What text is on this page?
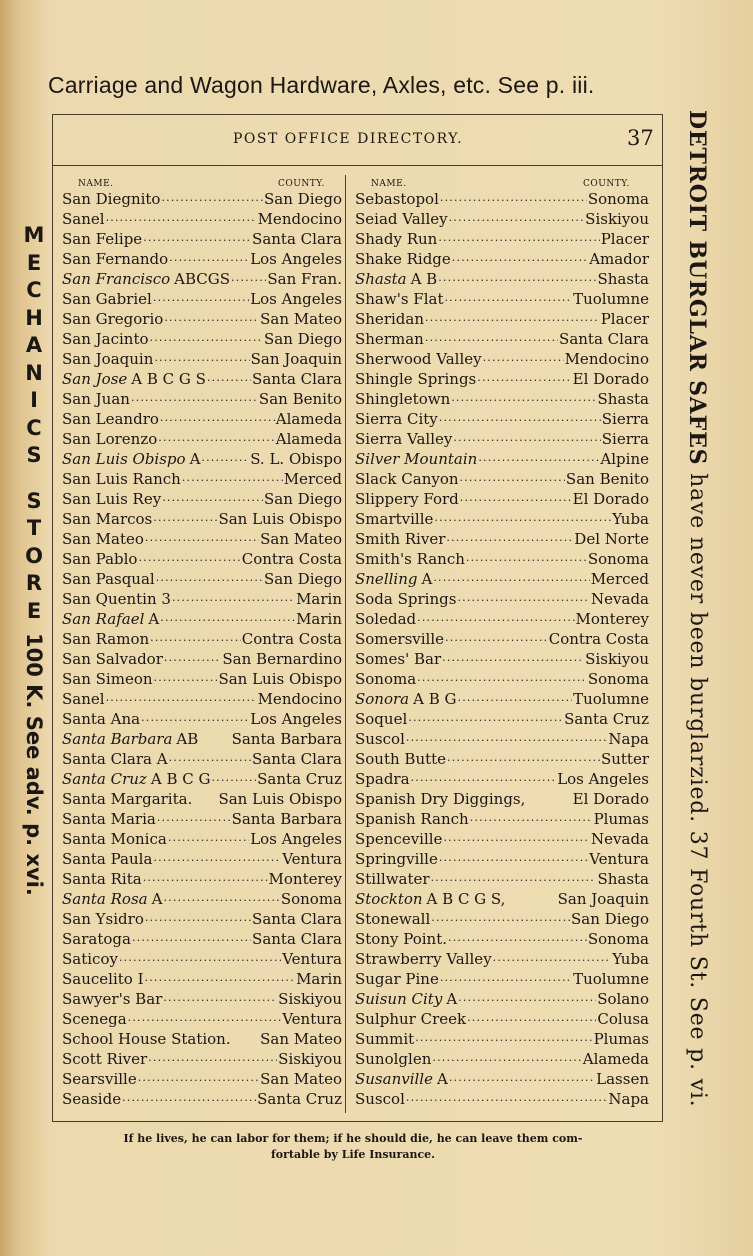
Carriage and Wagon Hardware, Axles, etc. See p. iii.
POST OFFICE DIRECTORY.	37
NAME.	COUNTY.	NAME.	COUNTY.
San Diegnito .....	San Diego
Sanel .....	Mendocino
San Felipe .....	Santa Clara
San Fernando .....	Los Angeles
San Francisco ABCGS ..... San Fran.
San Gabriel .....	Los Angeles
San Gregorio .....	San Mateo
San Jacinto .....	San Diego
San Joaquin .....	San Joaquin
San Jose A B C G S .....	Santa Clara
San Juan .....	San Benito
San Leandro .....	Alameda
San Lorenzo .....	Alameda
San Luis Obispo A .....	S. L. Obispo
San Luis Ranch .....	Merced
San Luis Rey .....	San Diego
San Marcos .....	San Luis Obispo
San Mateo .....	San Mateo
San Pablo .....	Contra Costa
San Pasqual .....	San Diego
San Quentin 3 .....	Marin
San Rafael A .....	Marin
San Ramon .....	Contra Costa
San Salvador .....	San Bernardino
San Simeon .....	San Luis Obispo
Sanel .....	Mendocino
Santa Ana .....	Los Angeles
Santa Barbara AB Santa Barbara
Santa Clara A .....	Santa Clara
Santa Cruz A B C G .....	Santa Cruz
Santa Margarita. San Luis Obispo
Santa Maria .....	Santa Barbara
Santa Monica .....	Los Angeles
Santa Paula .....	Ventura
Santa Rita .....	Monterey
Santa Rosa A .....	Sonoma
San Ysidro .....	Santa Clara
Saratoga .....	Santa Clara
Saticoy .....	Ventura
Saucelito I .....	Marin
Sawyer's Bar .....	Siskiyou
Scenega .....	Ventura
School House Station. San Mateo
Scott River .....	Siskiyou
Searsville .....	San Mateo
Seaside .....	Santa Cruz
Sebastopol .....	Sonoma
Seiad Valley .....	Siskiyou
Shady Run .....	Placer
Shake Ridge .....	Amador
Shasta A B .....	Shasta
Shaw's Flat .....	Tuolumne
Sheridan .....	Placer
Sherman .....	Santa Clara
Sherwood Valley .....	Mendocino
Shingle Springs .....	El Dorado
Shingletown .....	Shasta
Sierra City .....	Sierra
Sierra Valley .....	Sierra
Silver Mountain .....	Alpine
Slack Canyon .....	San Benito
Slippery Ford .....	El Dorado
Smartville .....	Yuba
Smith River .....	Del Norte
Smith's Ranch .....	Sonoma
Snelling A .....	Merced
Soda Springs .....	Nevada
Soledad .....	Monterey
Somersville .....	Contra Costa
Somes' Bar .....	Siskiyou
Sonoma .....	Sonoma
Sonora A B G .....	Tuolumne
Soquel .....	Santa Cruz
Suscol .....	Napa
South Butte .....	Sutter
Spadra .....	Los Angeles
Spanish Dry Diggings,	El Dorado
Spanish Ranch .....	Plumas
Spenceville .....	Nevada
Springville .....	Ventura
Stillwater .....	Shasta
Stockton A B C G S,	San Joaquin
Stonewall .....	San Diego
Stony Point. .....	Sonoma
Strawberry Valley .....	Yuba
Sugar Pine .....	Tuolumne
Suisun City A .....	Solano
Sulphur Creek .....	Colusa
Summit .....	Plumas
Sunolglen .....	Alameda
Susanville A .....	Lassen
Suscol .....	Napa
M
E
C
H
A
N
I
C
S
S
T
O
R
E
100 K. See adv. p. xvi.
DETROIT BURGLAR SAFES have never been burglarzied. 37 Fourth St. See p. vi.
If he lives, he can labor for them; if he should die, he can leave them com-
fortable by Life Insurance.
